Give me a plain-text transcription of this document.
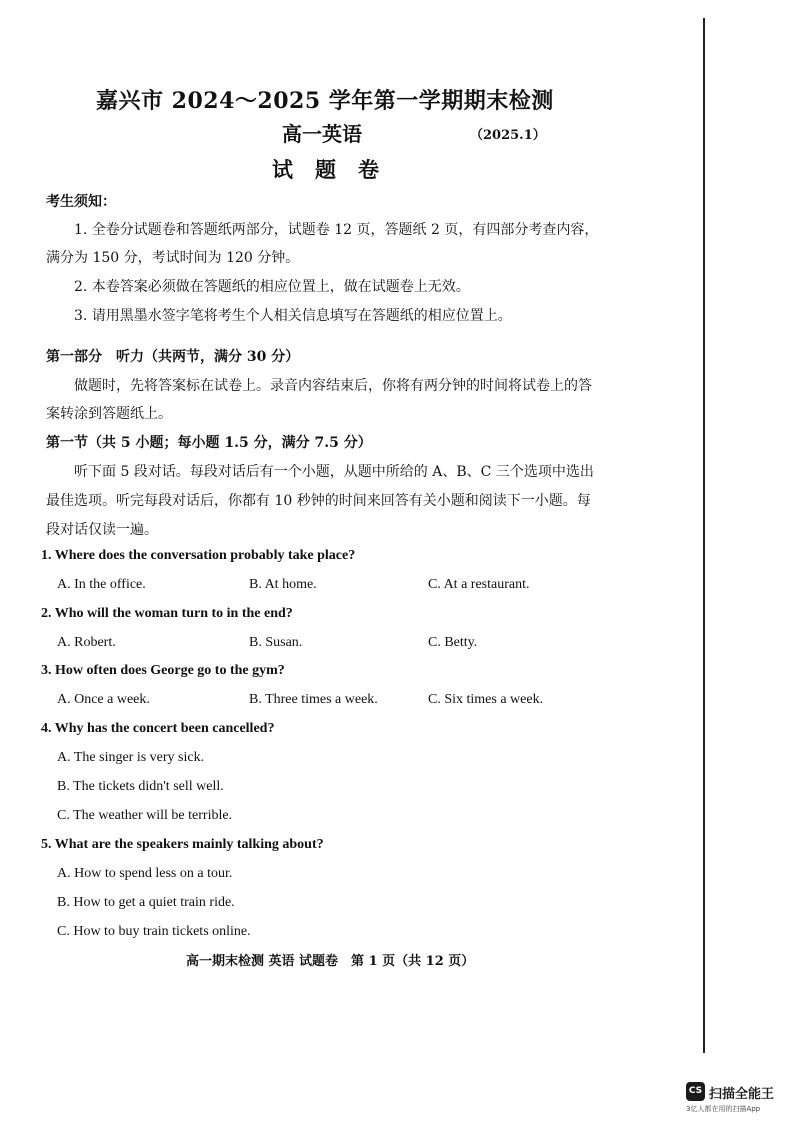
嘉兴市 2024～2025 学年第一学期期末检测
高一英语	（2025.1）
试题卷
考生须知：
1. 全卷分试题卷和答题纸两部分，试题卷 12 页，答题纸 2 页，有四部分考查内容，
满分为 150 分，考试时间为 120 分钟。
2. 本卷答案必须做在答题纸的相应位置上，做在试题卷上无效。
3. 请用黑墨水签字笔将考生个人相关信息填写在答题纸的相应位置上。
第一部分　听力（共两节，满分 30 分）
做题时，先将答案标在试卷上。录音内容结束后，你将有两分钟的时间将试卷上的答
案转涂到答题纸上。
第一节（共 5 小题；每小题 1.5 分，满分 7.5 分）
听下面 5 段对话。每段对话后有一个小题，从题中所给的 A、B、C 三个选项中选出
最佳选项。听完每段对话后，你都有 10 秒钟的时间来回答有关小题和阅读下一小题。每
段对话仅读一遍。
1. Where does the conversation probably take place?
A. In the office.	B. At home.	C. At a restaurant.
2. Who will the woman turn to in the end?
A. Robert.	B. Susan.	C. Betty.
3. How often does George go to the gym?
A. Once a week.	B. Three times a week.	C. Six times a week.
4. Why has the concert been cancelled?
A. The singer is very sick.
B. The tickets didn't sell well.
C. The weather will be terrible.
5. What are the speakers mainly talking about?
A. How to spend less on a tour.
B. How to get a quiet train ride.
C. How to buy train tickets online.
高一期末检测 英语 试题卷　第 1 页（共 12 页）
CS 扫描全能王
3亿人都在用的扫描App
